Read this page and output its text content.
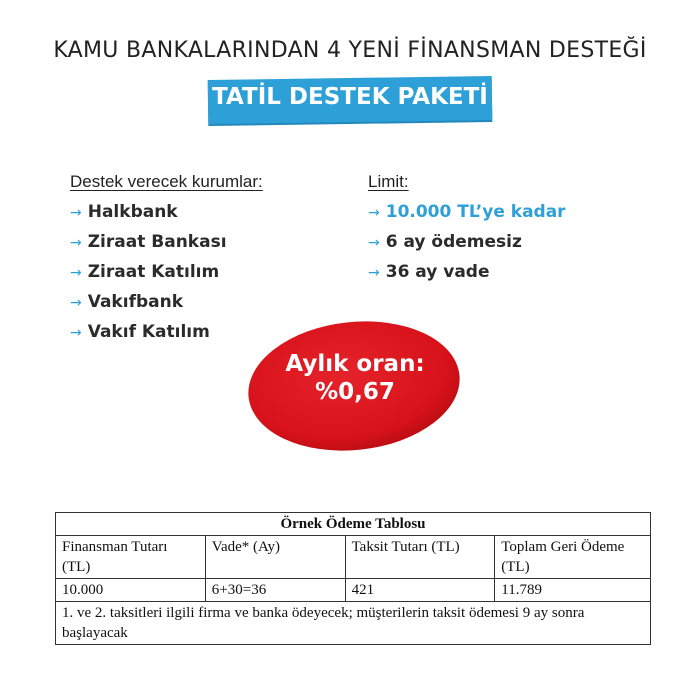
KAMU BANKALARINDAN 4 YENİ FİNANSMAN DESTEĞİ
TATİL DESTEK PAKETİ
Destek verecek kurumlar:
→ Halkbank
→ Ziraat Bankası
→ Ziraat Katılım
→ Vakıfbank
→ Vakıf Katılım
Limit:
→ 10.000 TL’ye kadar
→ 6 ay ödemesiz
→ 36 ay vade
Aylık oran:
%0,67
Örnek Ödeme Tablosu			
Finansman Tutarı (TL)	Vade* (Ay)	Taksit Tutarı (TL)	Toplam Geri Ödeme (TL)
10.000	6+30=36	421	11.789
1. ve 2. taksitleri ilgili firma ve banka ödeyecek; müşterilerin taksit ödemesi 9 ay sonra başlayacak			
